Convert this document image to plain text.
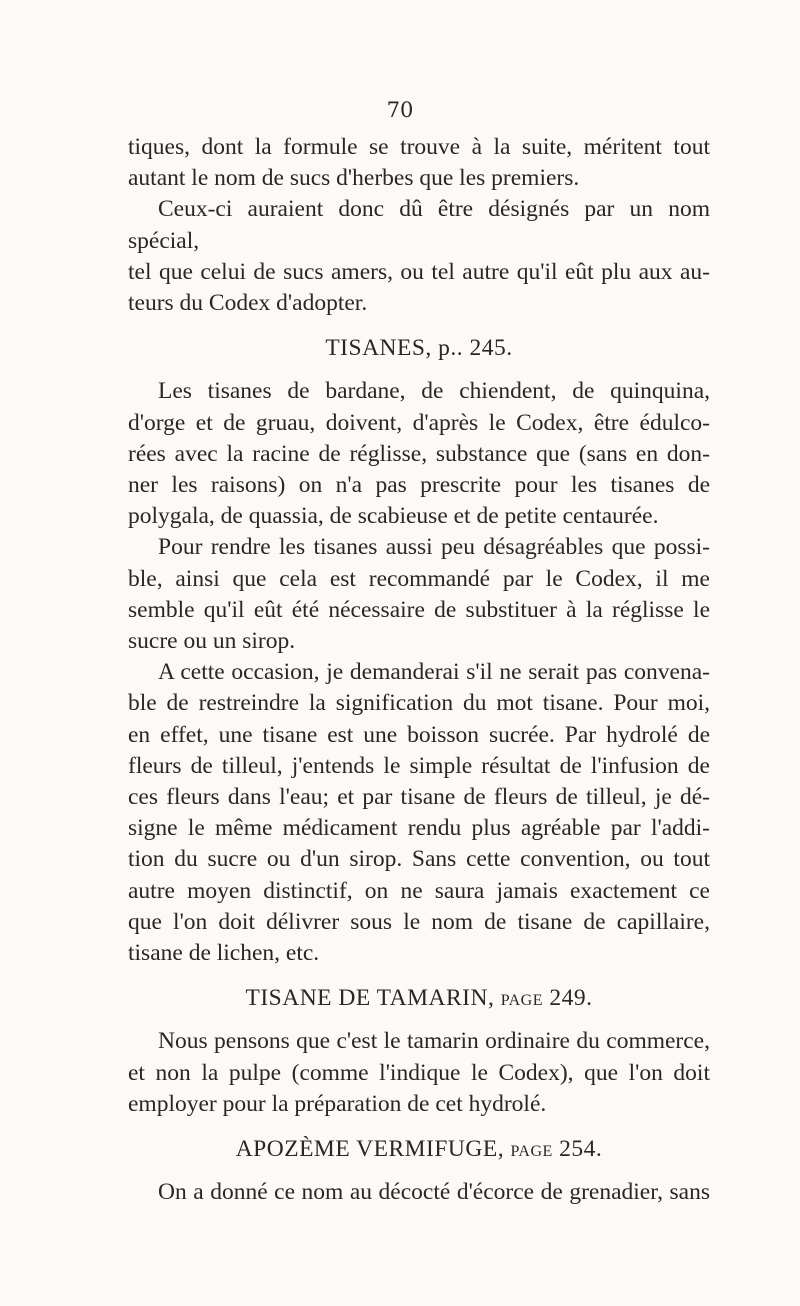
70

tiques, dont la formule se trouve à la suite, méritent tout

autant le nom de sucs d'herbes que les premiers.

Ceux-ci auraient donc dû être désignés par un nom spécial,

tel que celui de sucs amers, ou tel autre qu'il eût plu aux au-

teurs du Codex d'adopter.

TISANES, p.. 245.

Les tisanes de bardane, de chiendent, de quinquina,

d'orge et de gruau, doivent, d'après le Codex, être édulco-

rées avec la racine de réglisse, substance que (sans en don-

ner les raisons) on n'a pas prescrite pour les tisanes de

polygala, de quassia, de scabieuse et de petite centaurée.

Pour rendre les tisanes aussi peu désagréables que possi-

ble, ainsi que cela est recommandé par le Codex, il me

semble qu'il eût été nécessaire de substituer à la réglisse le

sucre ou un sirop.

A cette occasion, je demanderai s'il ne serait pas convena-

ble de restreindre la signification du mot tisane. Pour moi,

en effet, une tisane est une boisson sucrée. Par hydrolé de

fleurs de tilleul, j'entends le simple résultat de l'infusion de

ces fleurs dans l'eau; et par tisane de fleurs de tilleul, je dé-

signe le même médicament rendu plus agréable par l'addi-

tion du sucre ou d'un sirop. Sans cette convention, ou tout

autre moyen distinctif, on ne saura jamais exactement ce

que l'on doit délivrer sous le nom de tisane de capillaire,

tisane de lichen, etc.

TISANE DE TAMARIN, page 249.

Nous pensons que c'est le tamarin ordinaire du commerce,

et non la pulpe (comme l'indique le Codex), que l'on doit

employer pour la préparation de cet hydrolé.

APOZÈME VERMIFUGE, page 254.

On a donné ce nom au décocté d'écorce de grenadier, sans
